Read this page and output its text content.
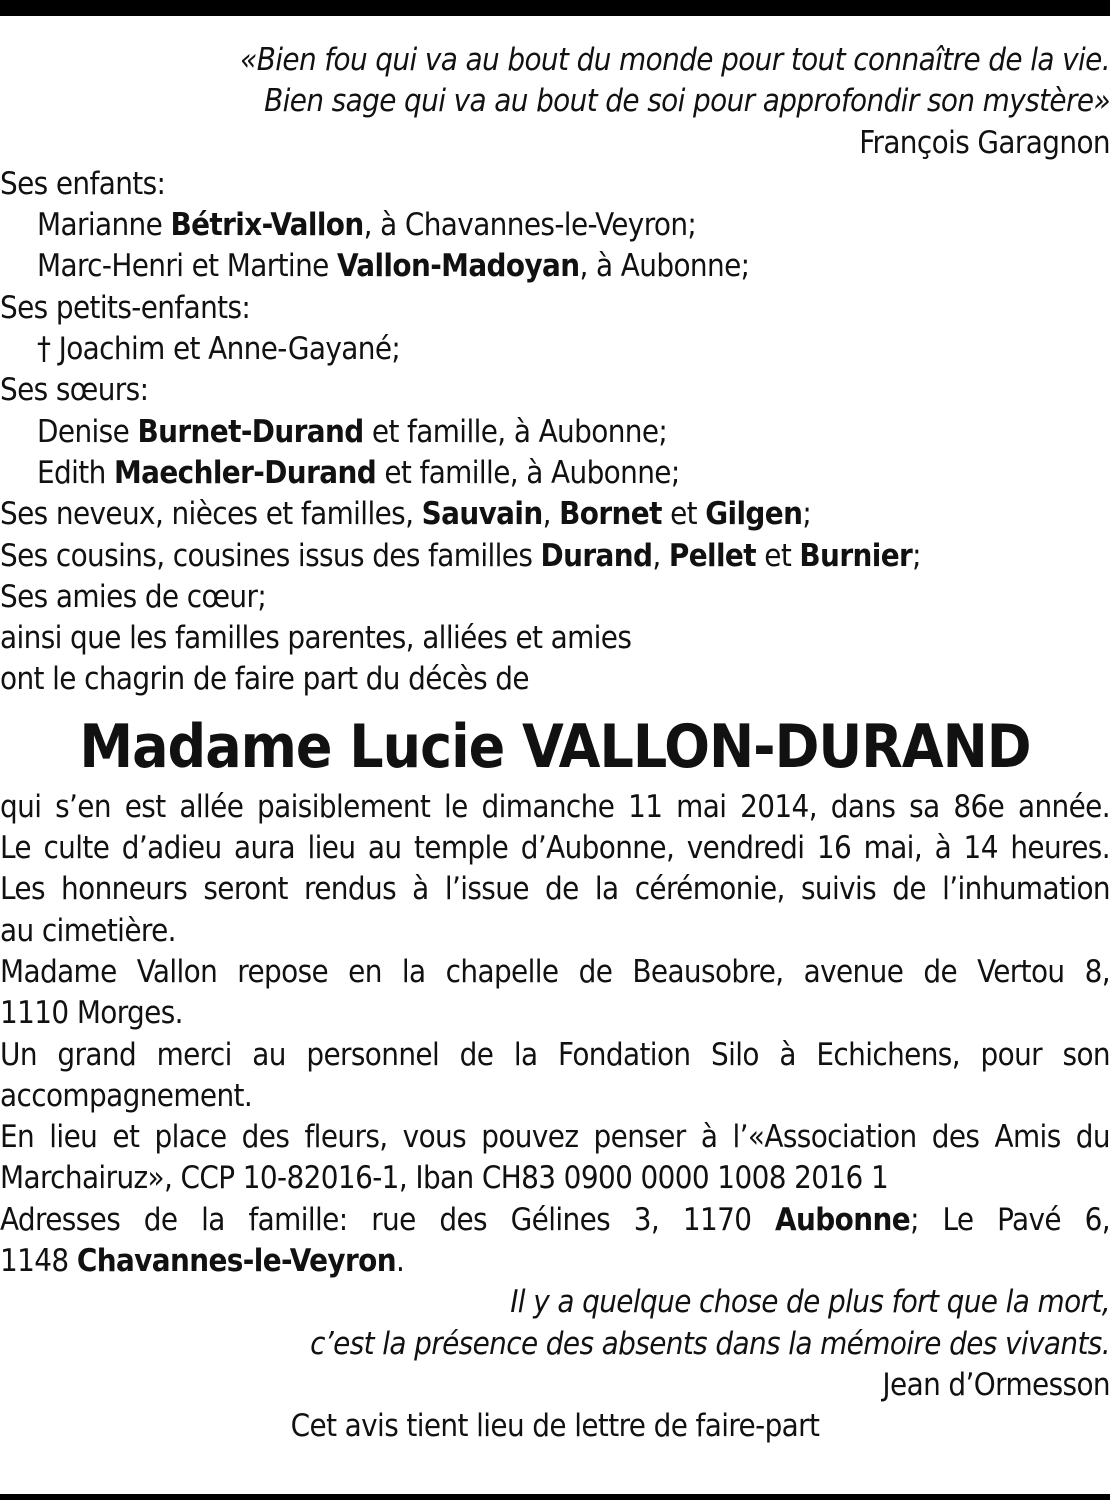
«Bien fou qui va au bout du monde pour tout connaître de la vie.
Bien sage qui va au bout de soi pour approfondir son mystère»
François Garagnon
Ses enfants:
Marianne Bétrix-Vallon, à Chavannes-le-Veyron;
Marc-Henri et Martine Vallon-Madoyan, à Aubonne;
Ses petits-enfants:
† Joachim et Anne-Gayané;
Ses sœurs:
Denise Burnet-Durand et famille, à Aubonne;
Edith Maechler-Durand et famille, à Aubonne;
Ses neveux, nièces et familles, Sauvain, Bornet et Gilgen;
Ses cousins, cousines issus des familles Durand, Pellet et Burnier;
Ses amies de cœur;
ainsi que les familles parentes, alliées et amies
ont le chagrin de faire part du décès de
Madame Lucie VALLON-DURAND
qui s’en est allée paisiblement le dimanche 11 mai 2014, dans sa 86e année.
Le culte d’adieu aura lieu au temple d’Aubonne, vendredi 16 mai, à 14 heures.
Les honneurs seront rendus à l’issue de la cérémonie, suivis de l’inhumation
au cimetière.
Madame Vallon repose en la chapelle de Beausobre, avenue de Vertou 8,
1110 Morges.
Un grand merci au personnel de la Fondation Silo à Echichens, pour son
accompagnement.
En lieu et place des fleurs, vous pouvez penser à l’«Association des Amis du
Marchairuz», CCP 10-82016-1, Iban CH83 0900 0000 1008 2016 1
Adresses de la famille: rue des Gélines 3, 1170 Aubonne; Le Pavé 6,
1148 Chavannes-le-Veyron.
Il y a quelque chose de plus fort que la mort,
c’est la présence des absents dans la mémoire des vivants.
Jean d’Ormesson
Cet avis tient lieu de lettre de faire-part
